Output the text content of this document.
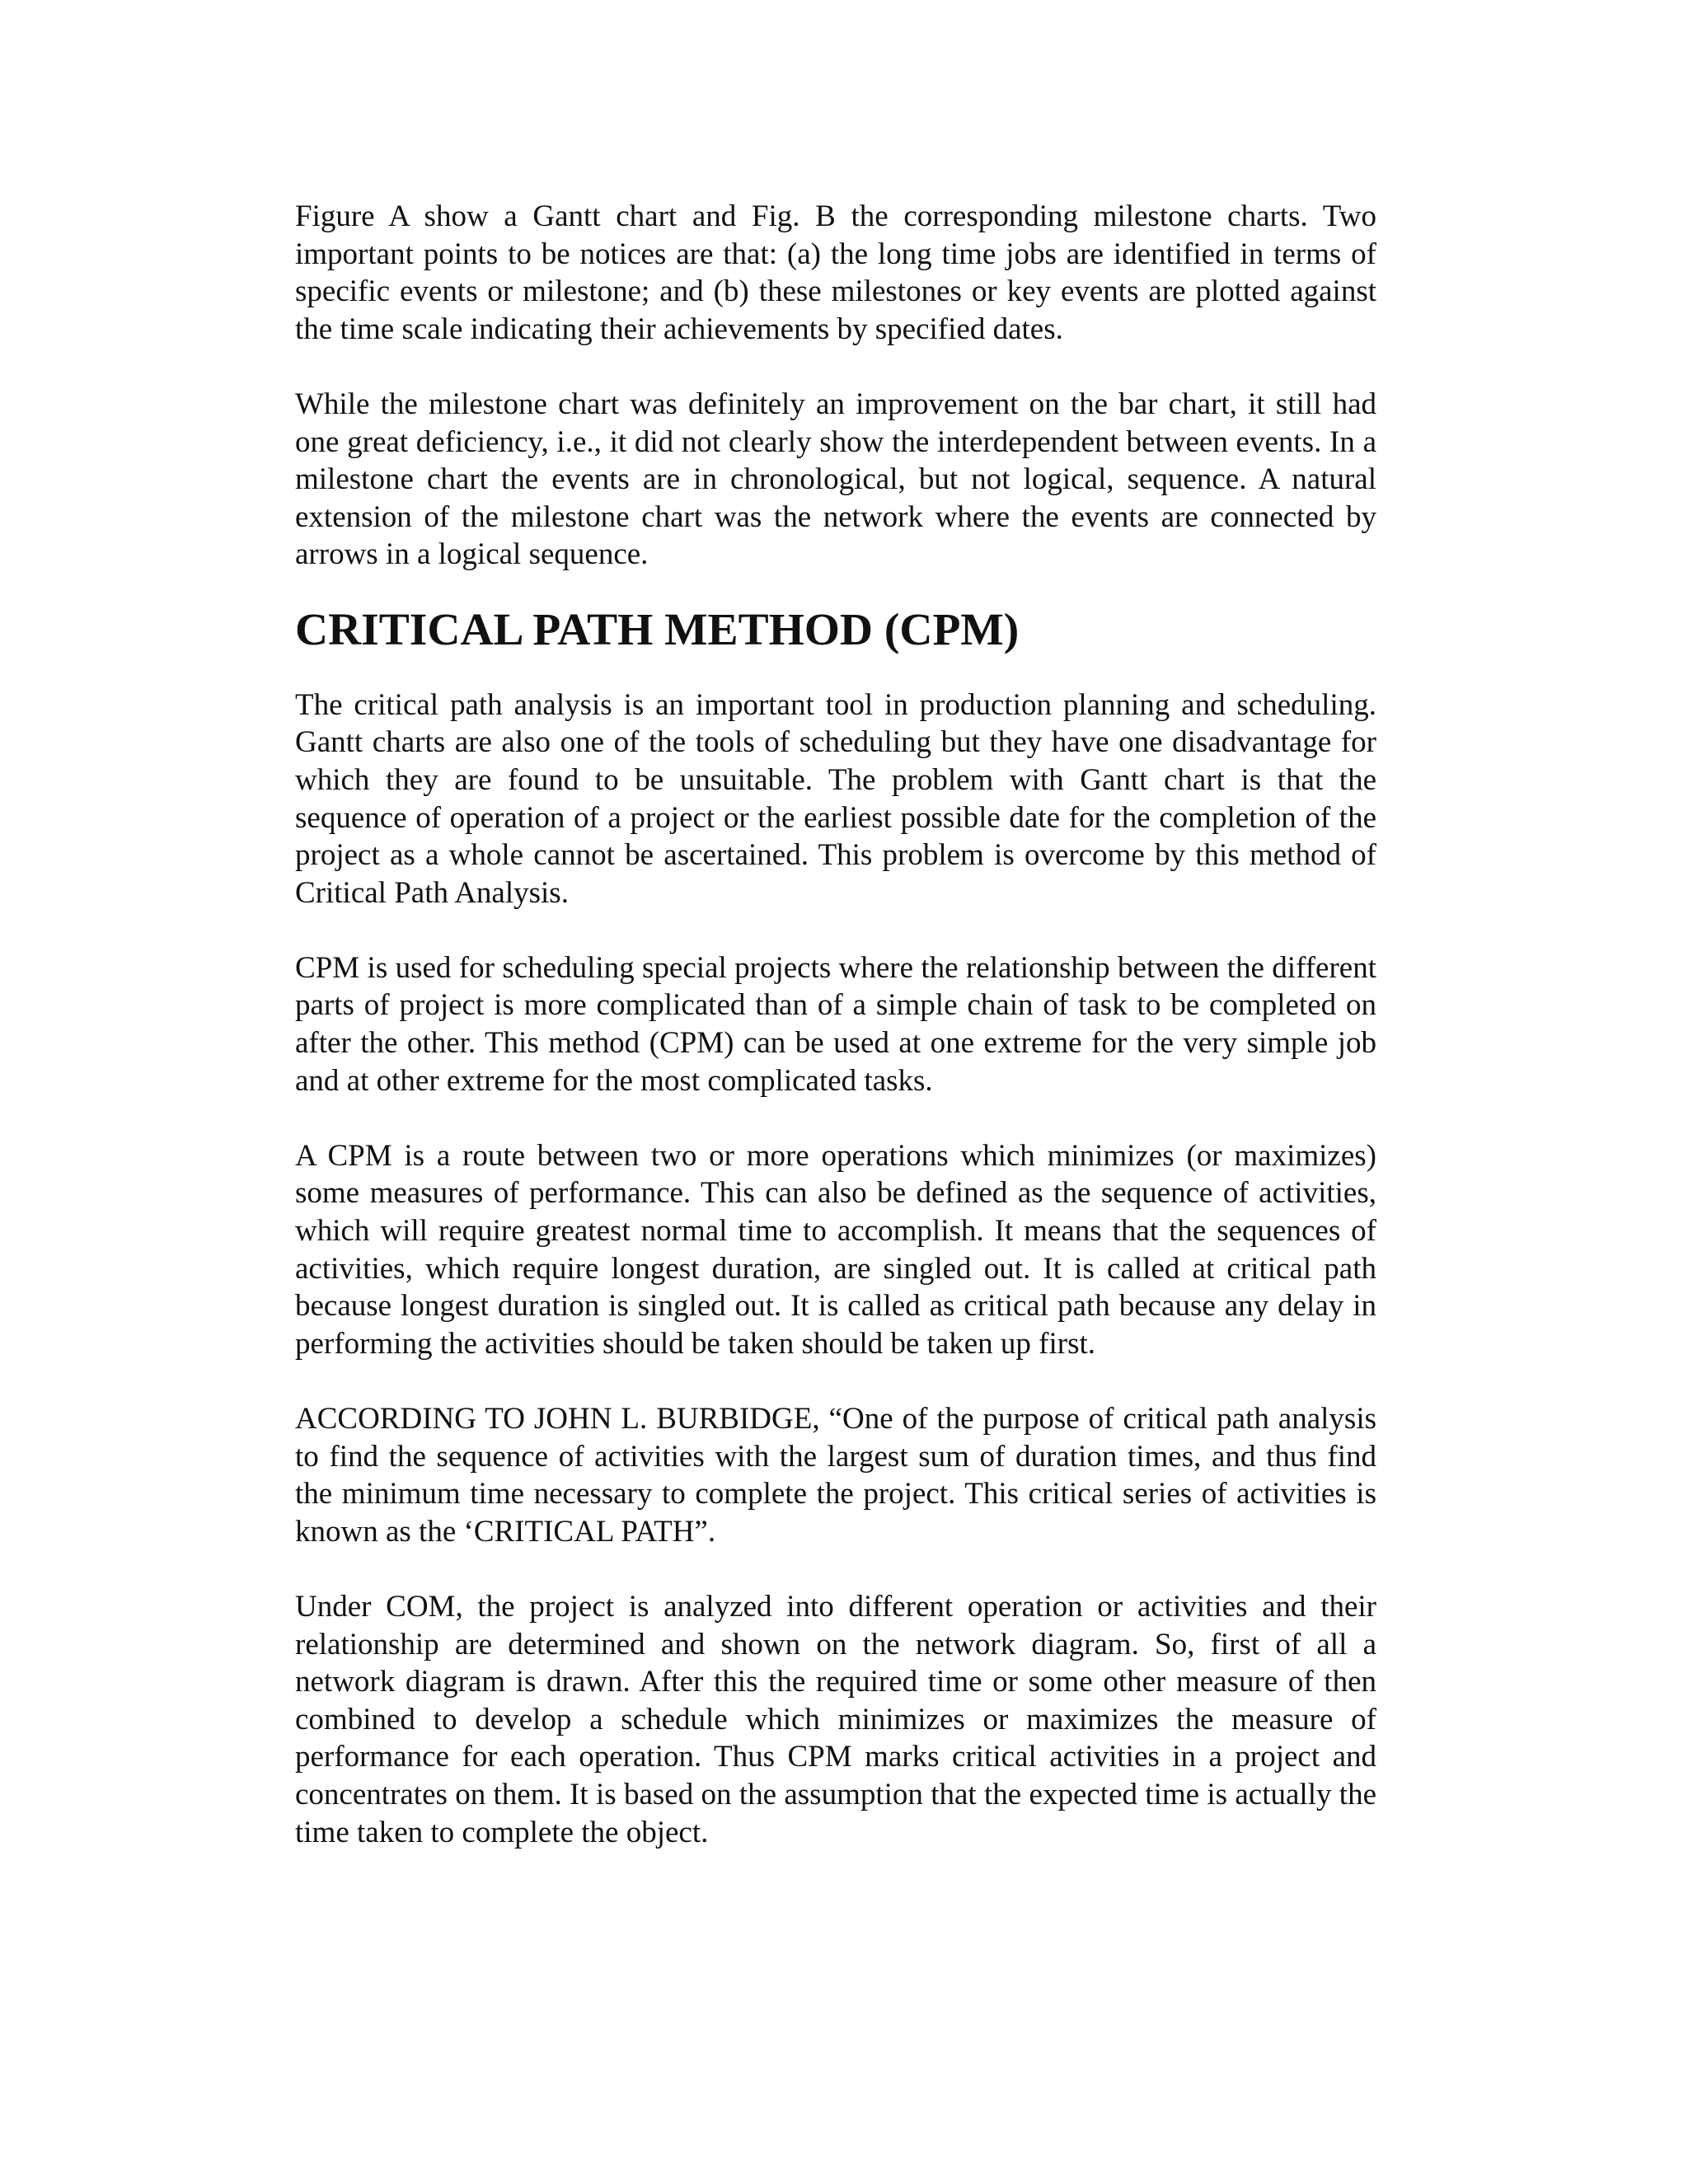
Figure A show a Gantt chart and Fig. B the corresponding milestone charts. Two important points to be notices are that: (a) the long time jobs are identified in terms of specific events or milestone; and (b) these milestones or key events are plotted against the time scale indicating their achievements by specified dates.

While the milestone chart was definitely an improvement on the bar chart, it still had one great deficiency, i.e., it did not clearly show the interdependent between events. In a milestone chart the events are in chronological, but not logical, sequence. A natural extension of the milestone chart was the network where the events are connected by arrows in a logical sequence.

CRITICAL PATH METHOD (CPM)

The critical path analysis is an important tool in production planning and scheduling. Gantt charts are also one of the tools of scheduling but they have one disadvantage for which they are found to be unsuitable. The problem with Gantt chart is that the sequence of operation of a project or the earliest possible date for the completion of the project as a whole cannot be ascertained. This problem is overcome by this method of Critical Path Analysis.

CPM is used for scheduling special projects where the relationship between the different parts of project is more complicated than of a simple chain of task to be completed on after the other. This method (CPM) can be used at one extreme for the very simple job and at other extreme for the most complicated tasks.

A CPM is a route between two or more operations which minimizes (or maximizes) some measures of performance. This can also be defined as the sequence of activities, which will require greatest normal time to accomplish. It means that the sequences of activities, which require longest duration, are singled out. It is called at critical path because longest duration is singled out. It is called as critical path because any delay in performing the activities should be taken should be taken up first.

ACCORDING TO JOHN L. BURBIDGE, “One of the purpose of critical path analysis to find the sequence of activities with the largest sum of duration times, and thus find the minimum time necessary to complete the project. This critical series of activities is known as the ‘CRITICAL PATH”.

Under COM, the project is analyzed into different operation or activities and their relationship are determined and shown on the network diagram. So, first of all a network diagram is drawn. After this the required time or some other measure of then combined to develop a schedule which minimizes or maximizes the measure of performance for each operation. Thus CPM marks critical activities in a project and concentrates on them. It is based on the assumption that the expected time is actually the time taken to complete the object.
